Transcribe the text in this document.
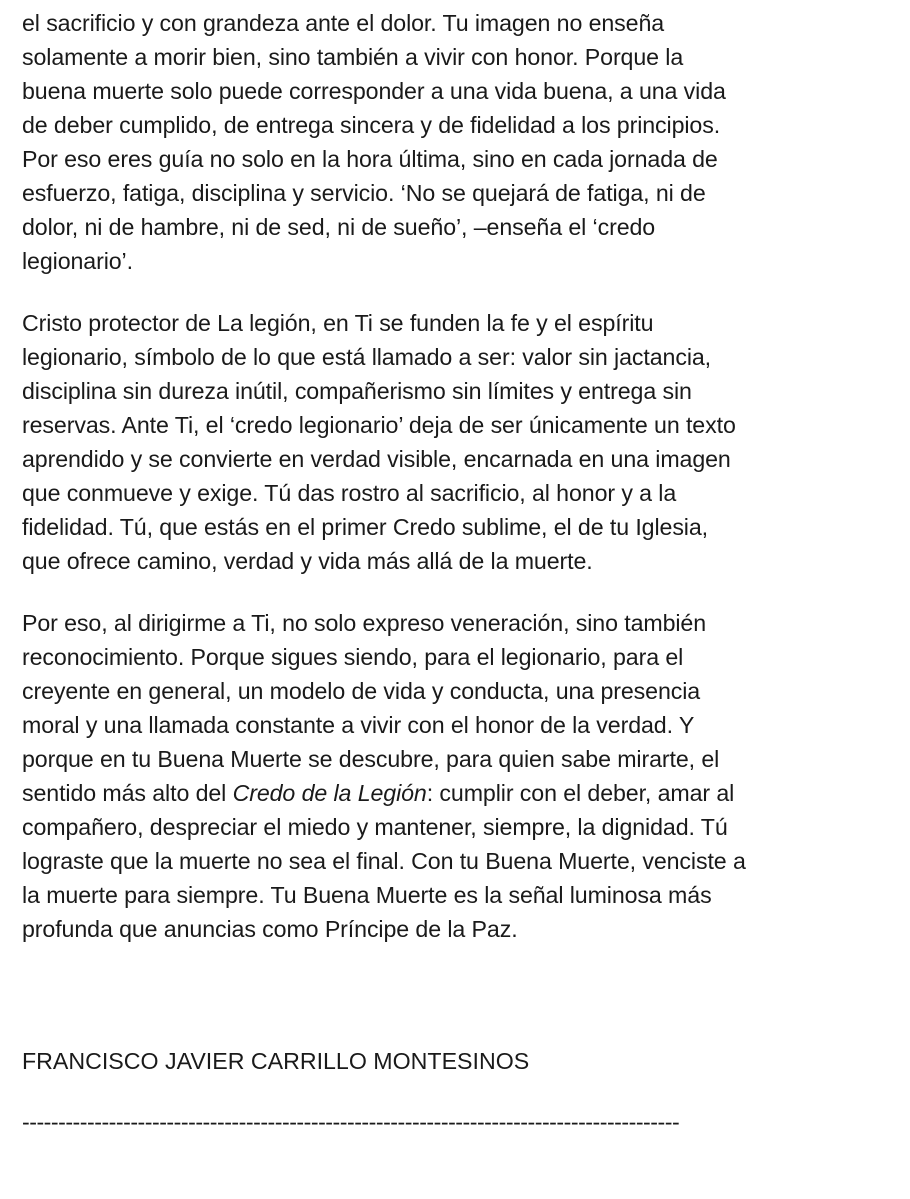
el sacrificio y con grandeza ante el dolor. Tu imagen no enseña
solamente a morir bien, sino también a vivir con honor. Porque la
buena muerte solo puede corresponder a una vida buena, a una vida
de deber cumplido, de entrega sincera y de fidelidad a los principios.
Por eso eres guía no solo en la hora última, sino en cada jornada de
esfuerzo, fatiga, disciplina y servicio. ‘No se quejará de fatiga, ni de
dolor, ni de hambre, ni de sed, ni de sueño’, –enseña el ‘credo
legionario’.

Cristo protector de La legión, en Ti se funden la fe y el espíritu
legionario, símbolo de lo que está llamado a ser: valor sin jactancia,
disciplina sin dureza inútil, compañerismo sin límites y entrega sin
reservas. Ante Ti, el ‘credo legionario’ deja de ser únicamente un texto
aprendido y se convierte en verdad visible, encarnada en una imagen
que conmueve y exige. Tú das rostro al sacrificio, al honor y a la
fidelidad. Tú, que estás en el primer Credo sublime, el de tu Iglesia,
que ofrece camino, verdad y vida más allá de la muerte.

Por eso, al dirigirme a Ti, no solo expreso veneración, sino también
reconocimiento. Porque sigues siendo, para el legionario, para el
creyente en general, un modelo de vida y conducta, una presencia
moral y una llamada constante a vivir con el honor de la verdad. Y
porque en tu Buena Muerte se descubre, para quien sabe mirarte, el
sentido más alto del Credo de la Legión: cumplir con el deber, amar al
compañero, despreciar el miedo y mantener, siempre, la dignidad. Tú
lograste que la muerte no sea el final. Con tu Buena Muerte, venciste a
la muerte para siempre. Tu Buena Muerte es la señal luminosa más
profunda que anuncias como Príncipe de la Paz.

FRANCISCO JAVIER CARRILLO MONTESINOS
-------------------------------------------------------------------------------------------
